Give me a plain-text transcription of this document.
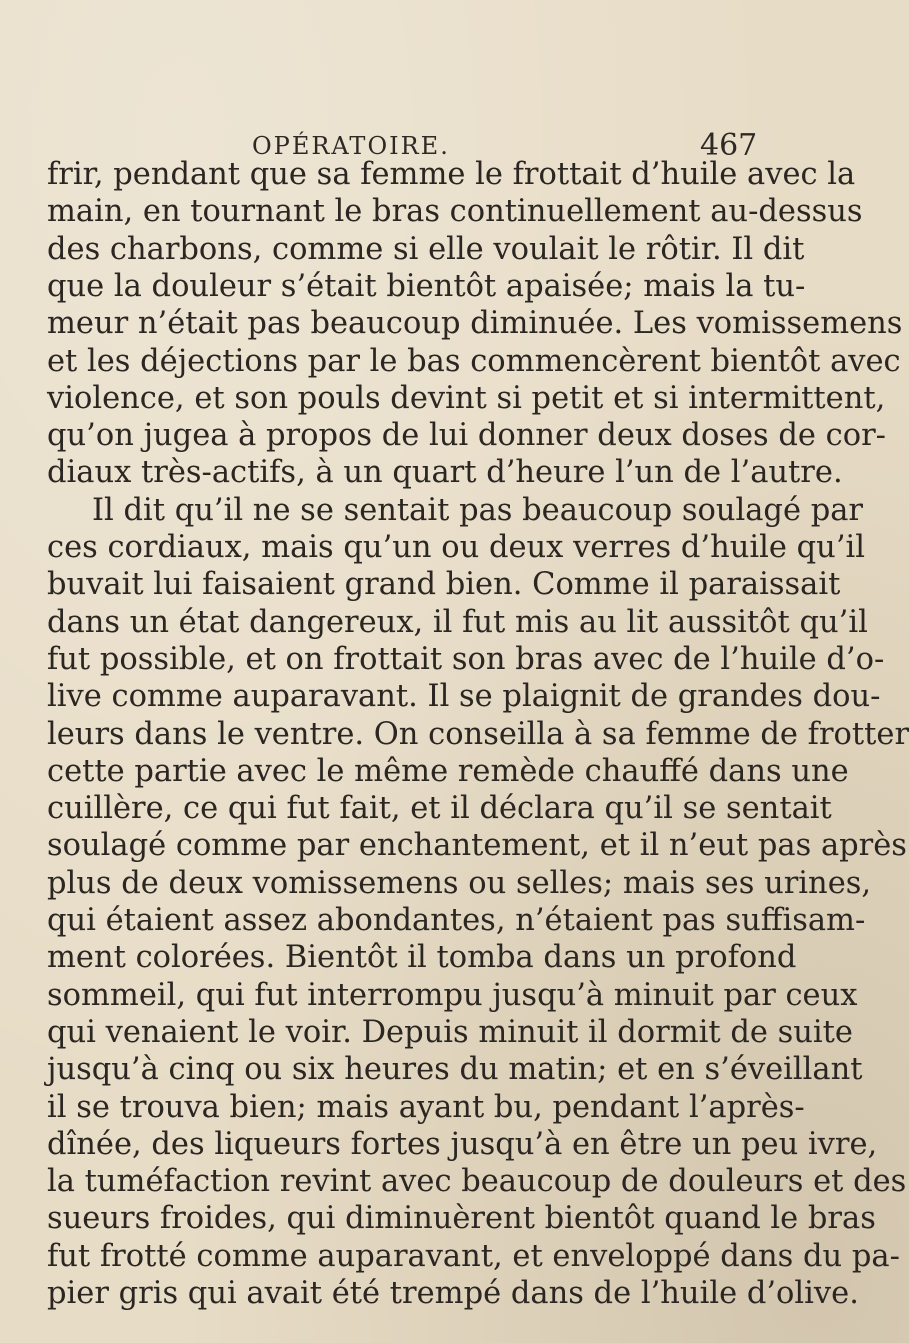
OPÉRATOIRE.	467
frir, pendant que sa femme le frottait d’huile avec la
main, en tournant le bras continuellement au-dessus
des charbons, comme si elle voulait le rôtir. Il dit
que la douleur s’était bientôt apaisée; mais la tu-
meur n’était pas beaucoup diminuée. Les vomissemens
et les déjections par le bas commencèrent bientôt avec
violence, et son pouls devint si petit et si intermittent,
qu’on jugea à propos de lui donner deux doses de cor-
diaux très-actifs, à un quart d’heure l’un de l’autre.
Il dit qu’il ne se sentait pas beaucoup soulagé par
ces cordiaux, mais qu’un ou deux verres d’huile qu’il
buvait lui faisaient grand bien. Comme il paraissait
dans un état dangereux, il fut mis au lit aussitôt qu’il
fut possible, et on frottait son bras avec de l’huile d’o-
live comme auparavant. Il se plaignit de grandes dou-
leurs dans le ventre. On conseilla à sa femme de frotter
cette partie avec le même remède chauffé dans une
cuillère, ce qui fut fait, et il déclara qu’il se sentait
soulagé comme par enchantement, et il n’eut pas après
plus de deux vomissemens ou selles; mais ses urines,
qui étaient assez abondantes, n’étaient pas suffisam-
ment colorées. Bientôt il tomba dans un profond
sommeil, qui fut interrompu jusqu’à minuit par ceux
qui venaient le voir. Depuis minuit il dormit de suite
jusqu’à cinq ou six heures du matin; et en s’éveillant
il se trouva bien; mais ayant bu, pendant l’après-
dînée, des liqueurs fortes jusqu’à en être un peu ivre,
la tuméfaction revint avec beaucoup de douleurs et des
sueurs froides, qui diminuèrent bientôt quand le bras
fut frotté comme auparavant, et enveloppé dans du pa-
pier gris qui avait été trempé dans de l’huile d’olive.
